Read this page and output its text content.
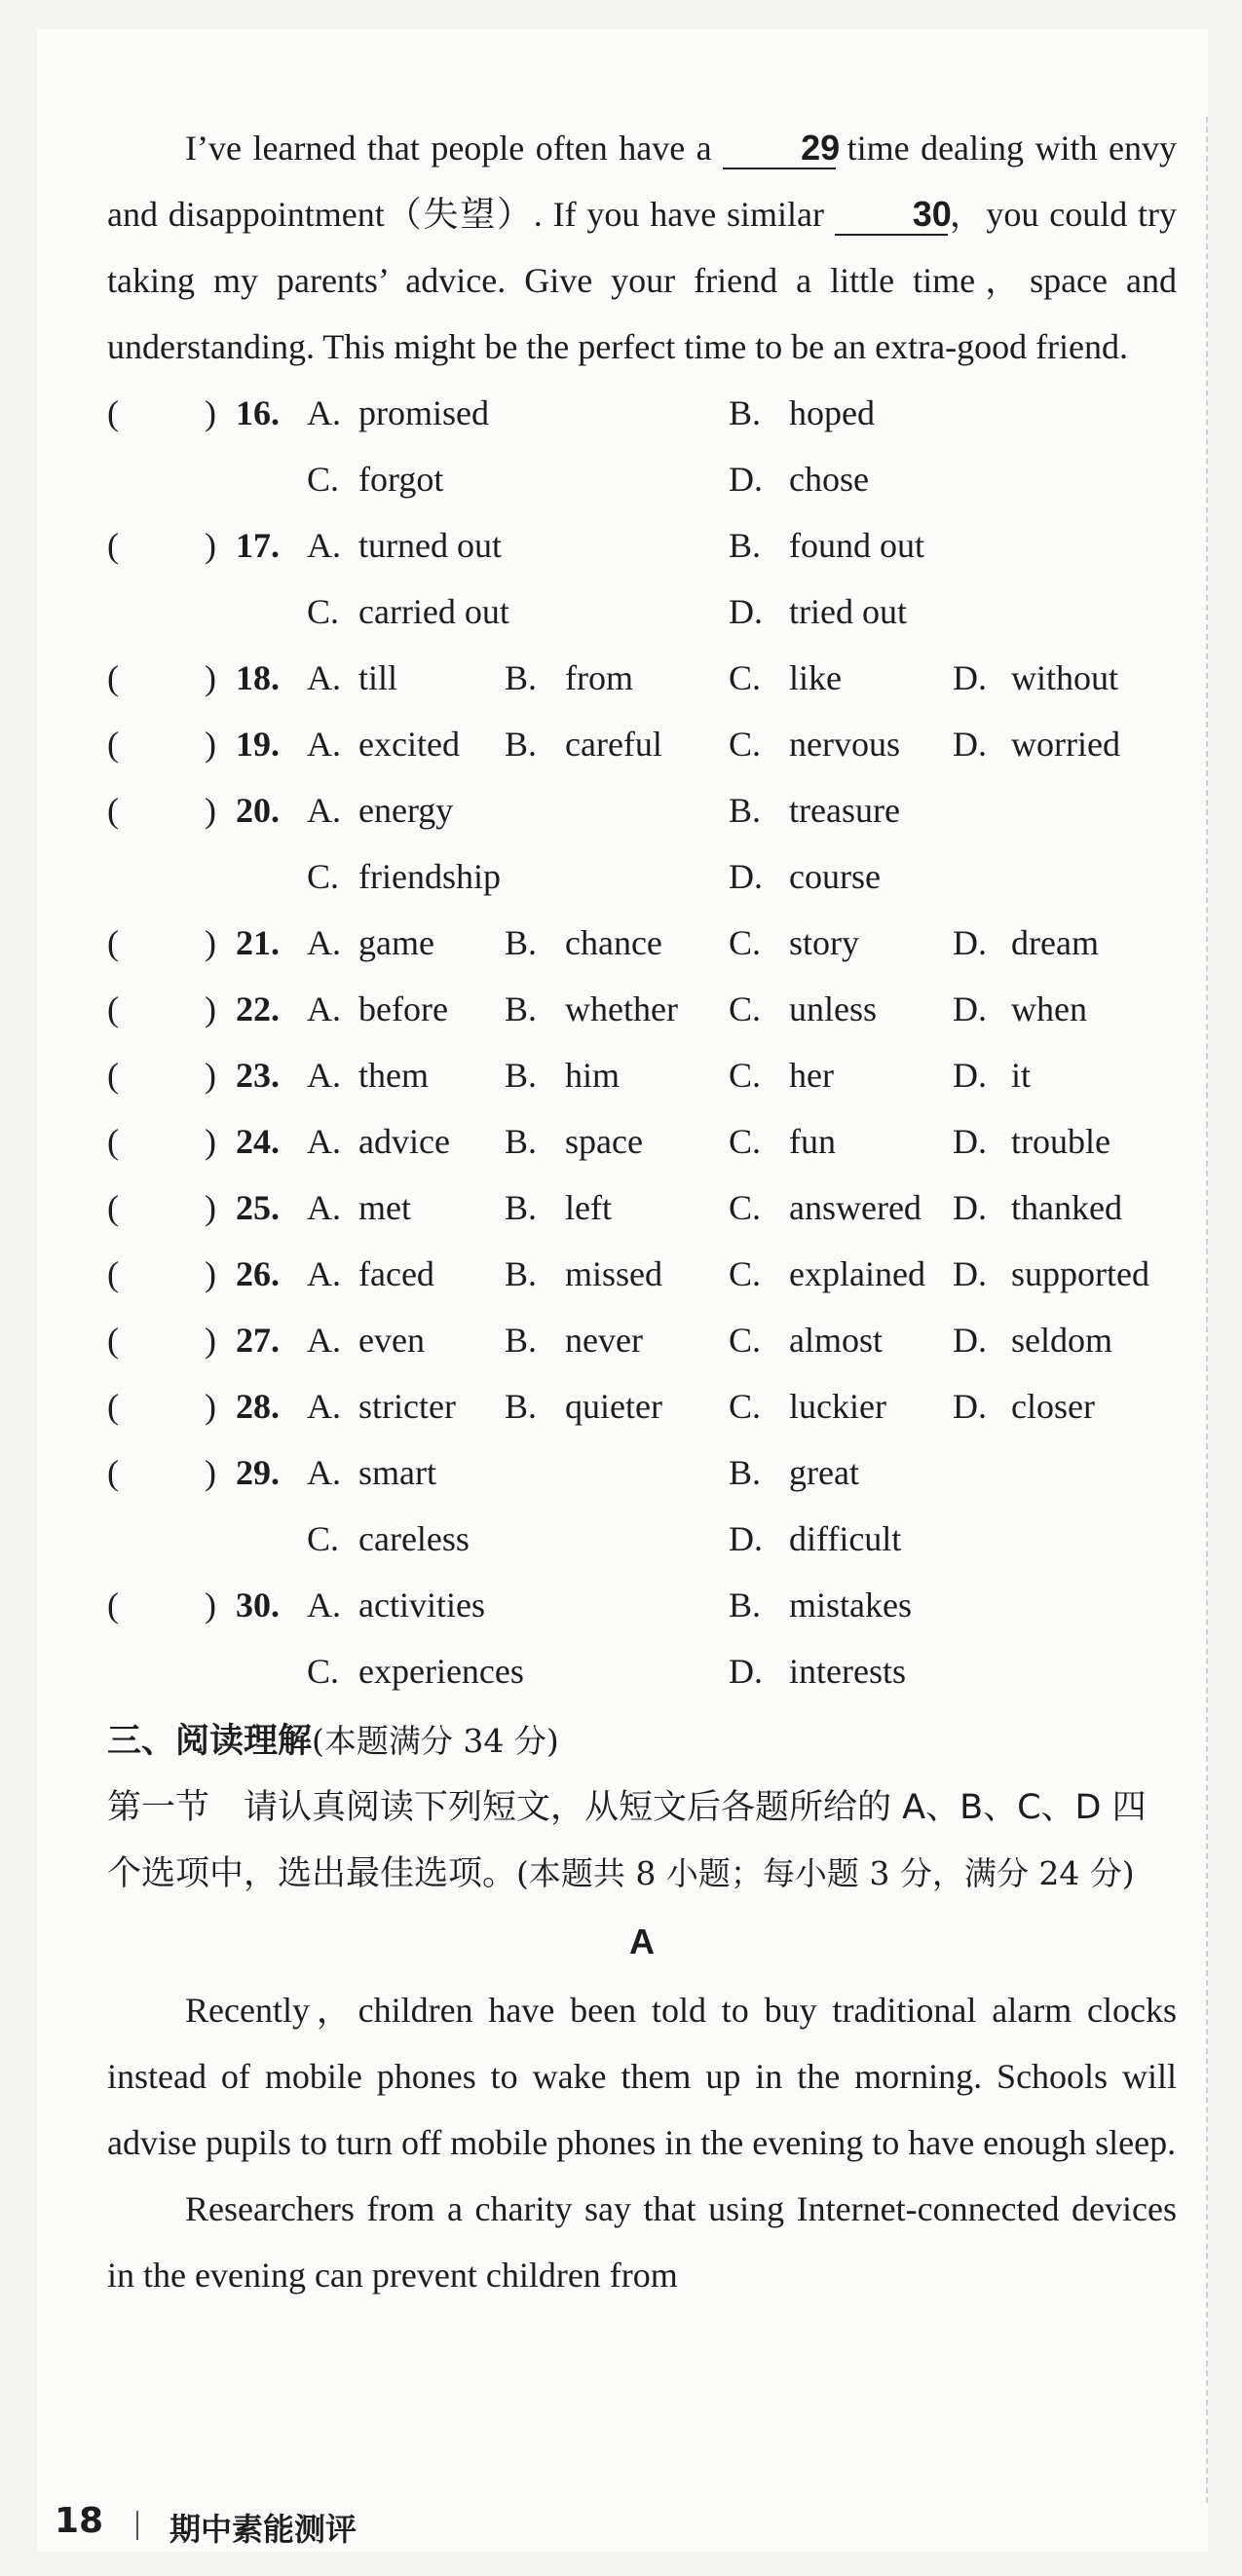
I’ve learned that people often have a	29 time dealing with envy and disappointment（失望）. If you have similar	30，you could try taking my parents’ advice. Give your friend a little time，space and understanding. This might be the perfect time to be an extra-good friend.

( ) 16. A. promised	B. hoped
C. forgot	D. chose
( ) 17. A. turned out	B. found out
C. carried out	D. tried out
( ) 18. A. till	B. from	C. like	D. without
( ) 19. A. excited B. careful C. nervous D. worried
( ) 20. A. energy	B. treasure
C. friendship	D. course
( ) 21. A. game B. chance C. story	D. dream
( ) 22. A. before B. whether C. unless D. when
( ) 23. A. them B. him	C. her	D. it
( ) 24. A. advice B. space C. fun	D. trouble
( ) 25. A. met	B. left	C. answered D. thanked
( ) 26. A. faced B. missed C. explained D. supported
( ) 27. A. even B. never C. almost D. seldom
( ) 28. A. stricter B. quieter C. luckier D. closer
( ) 29. A. smart	B. great
C. careless	D. difficult
( ) 30. A. activities	B. mistakes
C. experiences	D. interests
三、阅读理解(本题满分 34 分)

第一节　请认真阅读下列短文，从短文后各题所给的 A、B、C、D 四个选项中，选出最佳选项。(本题共 8 小题；每小题 3 分，满分 24 分)

A

Recently，children have been told to buy traditional alarm clocks instead of mobile phones to wake them up in the morning. Schools will advise pupils to turn off mobile phones in the evening to have enough sleep.

Researchers from a charity say that using Internet-connected devices in the evening can prevent children from

18 期中素能测评
